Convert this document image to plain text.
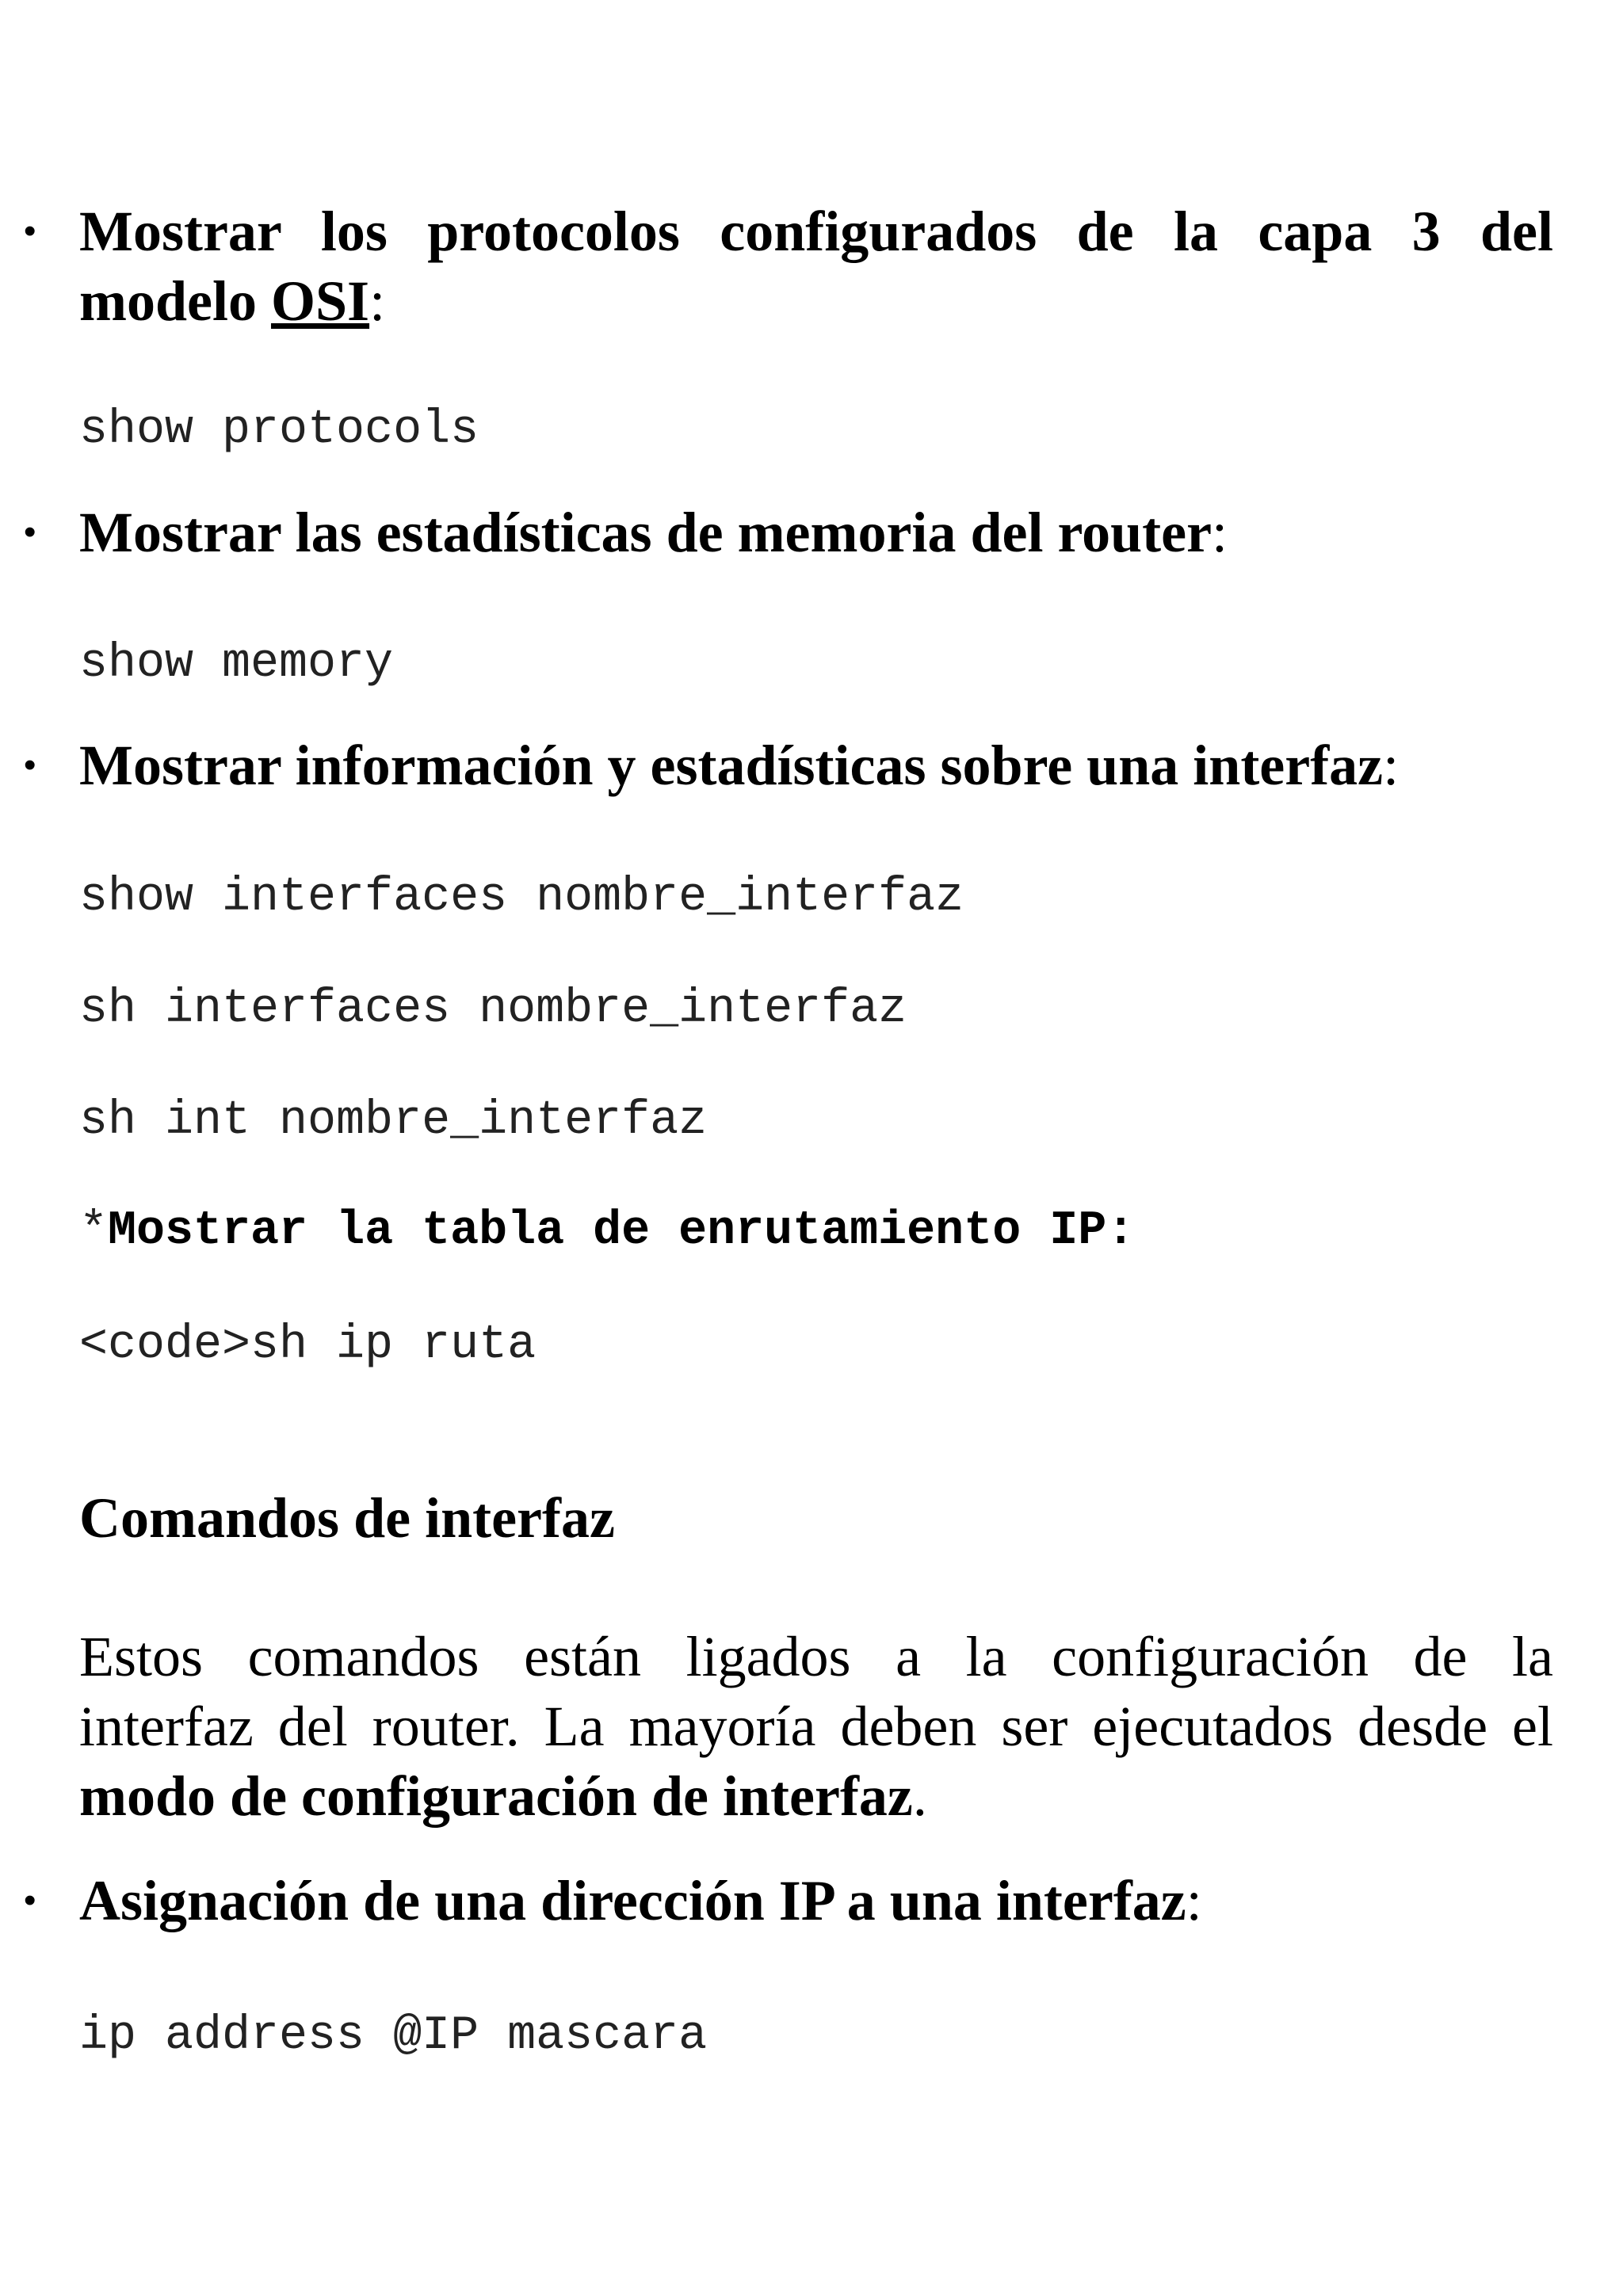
• Mostrar los protocolos configurados de la capa 3 del
modelo OSI:
show protocols
• Mostrar las estadísticas de memoria del router:
show memory
• Mostrar información y estadísticas sobre una interfaz:
show interfaces nombre_interfaz
sh interfaces nombre_interfaz
sh int nombre_interfaz
*Mostrar la tabla de enrutamiento IP:
<code>sh ip ruta
Comandos de interfaz
Estos comandos están ligados a la configuración de la
interfaz del router. La mayoría deben ser ejecutados desde el
modo de configuración de interfaz.
• Asignación de una dirección IP a una interfaz:
ip address @IP mascara
